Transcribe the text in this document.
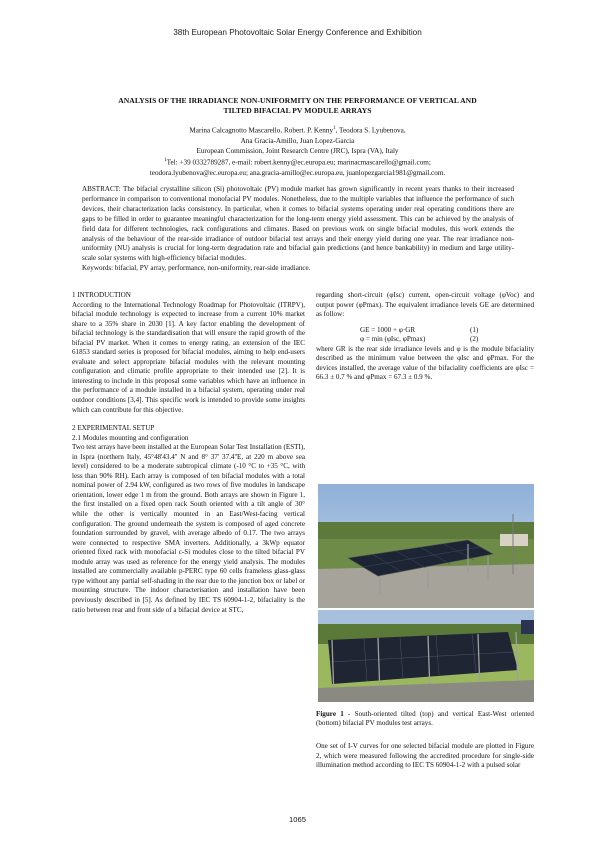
38th European Photovoltaic Solar Energy Conference and Exhibition
ANALYSIS OF THE IRRADIANCE NON-UNIFORMITY ON THE PERFORMANCE OF VERTICAL AND
TILTED BIFACIAL PV MODULE ARRAYS
Marina Calcagnotto Mascarello, Robert. P. Kenny$^1$, Teodora S. Lyubenova,
Ana Gracia-Amillo, Juan Lopez-Garcia
European Commission, Joint Research Centre (JRC), Ispra (VA), Italy
$^1$Tel: +39 0332789287, e-mail: robert.kenny@ec.europa.eu; marinacmascarello@gmail.com;
teodora.lyubenova@ec.europa.eu; ana.gracia-amillo@ec.europa.eu, juanlopezgarcia1981@gmail.com.

ABSTRACT: The bifacial crystalline silicon (Si) photovoltaic (PV) module market has grown significantly in recent years thanks to their increased performance in comparison to conventional monofacial PV modules. Nonetheless, due to the multiple variables that influence the performance of such devices, their characterization lacks consistency. In particular, when it comes to bifacial systems operating under real operating conditions there are gaps to be filled in order to guarantee meaningful characterization for the long-term energy yield assessment. This can be achieved by the analysis of field data for different technologies, rack configurations and climates. Based on previous work on single bifacial modules, this work extends the analysis of the behaviour of the rear-side irradiance of outdoor bifacial test arrays and their energy yield during one year. The rear irradiance non-uniformity (NU) analysis is crucial for long-term degradation rate and bifacial gain predictions (and hence bankability) in medium and large utility-scale solar systems with high-efficiency bifacial modules.

Keywords: bifacial, PV array, performance, non-uniformity, rear-side irradiance.

1 INTRODUCTION

According to the International Technology Roadmap for Photovoltaic (ITRPV), bifacial module technology is expected to increase from a current 10% market share to a 35% share in 2030 [1]. A key factor enabling the development of bifacial technology is the standardisation that will ensure the rapid growth of the bifacial PV market. When it comes to energy rating, an extension of the IEC 61853 standard series is proposed for bifacial modules, aiming to help end-users evaluate and select appropriate bifacial modules with the relevant mounting configuration and climatic profile appropriate to their intended use [2]. It is interesting to include in this proposal some variables which have an influence in the performance of a module installed in a bifacial system, operating under real outdoor conditions [3,4]. This specific work is intended to provide some insights which can contribute for this objective.

2 EXPERIMENTAL SETUP

2.1 Modules mounting and configuration

Two test arrays have been installed at the European Solar Test Installation (ESTI), in Ispra (northern Italy, 45°48'43.4'' N and 8° 37' 37.4''E, at 220 m above sea level) considered to be a moderate subtropical climate (-10 °C to +35 °C, with less than 90% RH). Each array is composed of ten bifacial modules with a total nominal power of 2.94 kW, configured as two rows of five modules in landscape orientation, lower edge 1 m from the ground. Both arrays are shown in Figure 1, the first installed on a fixed open rack South oriented with a tilt angle of 30° while the other is vertically mounted in an East/West-facing vertical configuration. The ground underneath the system is composed of aged concrete foundation surrounded by gravel, with average albedo of 0.17. The two arrays were connected to respective SMA inverters. Additionally, a 3kWp equator oriented fixed rack with monofacial c-Si modules close to the tilted bifacial PV module array was used as reference for the energy yield analysis. The modules installed are commercially available p-PERC type 60 cells frameless glass-glass type without any partial self-shading in the rear due to the junction box or label or mounting structure. The indoor characterisation and installation have been previously described in [5]. As defined by IEC TS 60904-1-2, bifaciality is the ratio between rear and front side of a bifacial device at STC,

regarding short-circuit (φIsc) current, open-circuit voltage (φVoc) and output power (φPmax). The equivalent irradiance levels GE are determined as follow:

GE = 1000 + φ·GR	(1)
φ = min (φIsc, φPmax)	(2)

where GR is the rear side irradiance levels and φ is the module bifaciality described as the minimum value between the φIsc and φPmax. For the devices installed, the average value of the bifaciality coefficients are φIsc = 66.3 ± 0.7 % and φPmax = 67.3 ± 0.9 %.

Figure 1 - South-oriented tilted (top) and vertical East-West oriented (bottom) bifacial PV modules test arrays.

One set of I-V curves for one selected bifacial module are plotted in Figure 2, which were measured following the accredited procedure for single-side illumination method according to IEC TS 60904-1-2 with a pulsed solar

1065
